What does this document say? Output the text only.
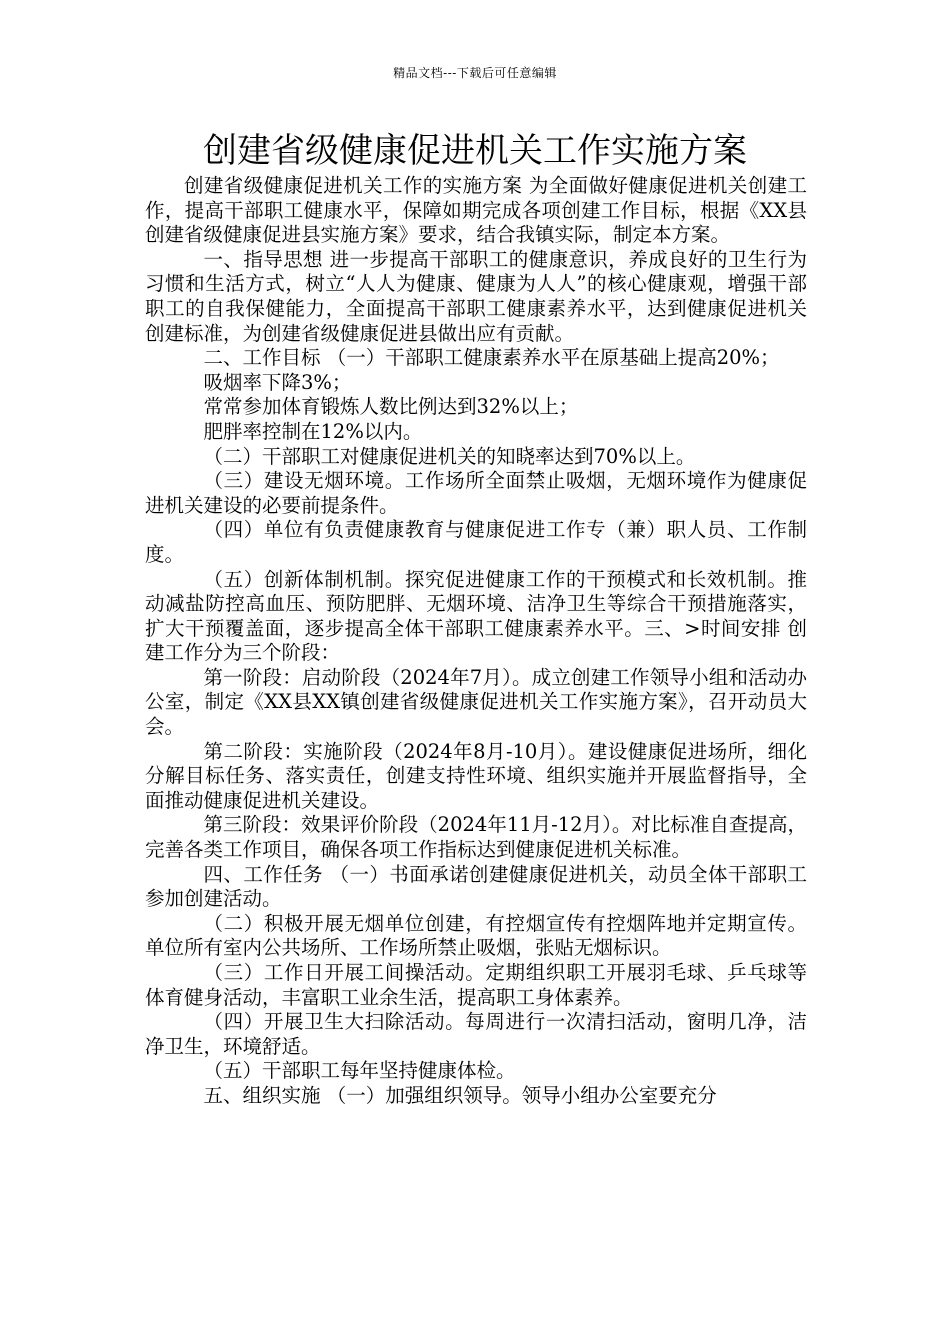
精品文档---下载后可任意编辑
创建省级健康促进机关工作实施方案

创建省级健康促进机关工作的实施方案 为全面做好健康促进机关创建工作，提高干部职工健康水平，保障如期完成各项创建工作目标，根据《XX县创建省级健康促进县实施方案》要求，结合我镇实际，制定本方案。

一、指导思想 进一步提高干部职工的健康意识，养成良好的卫生行为习惯和生活方式，树立“人人为健康、健康为人人”的核心健康观，增强干部职工的自我保健能力，全面提高干部职工健康素养水平，达到健康促进机关创建标准，为创建省级健康促进县做出应有贡献。

二、工作目标 （一）干部职工健康素养水平在原基础上提高20%；

吸烟率下降3%；

常常参加体育锻炼人数比例达到32%以上；

肥胖率控制在12%以内。

（二）干部职工对健康促进机关的知晓率达到70%以上。

（三）建设无烟环境。工作场所全面禁止吸烟，无烟环境作为健康促进机关建设的必要前提条件。

（四）单位有负责健康教育与健康促进工作专（兼）职人员、工作制度。

（五）创新体制机制。探究促进健康工作的干预模式和长效机制。推动减盐防控高血压、预防肥胖、无烟环境、洁净卫生等综合干预措施落实，扩大干预覆盖面，逐步提高全体干部职工健康素养水平。三、>时间安排 创建工作分为三个阶段：

第一阶段：启动阶段（2024年7月）。成立创建工作领导小组和活动办公室，制定《XX县XX镇创建省级健康促进机关工作实施方案》，召开动员大会。

第二阶段：实施阶段（2024年8月-10月）。建设健康促进场所，细化分解目标任务、落实责任，创建支持性环境、组织实施并开展监督指导，全面推动健康促进机关建设。

第三阶段：效果评价阶段（2024年11月-12月）。对比标准自查提高，完善各类工作项目，确保各项工作指标达到健康促进机关标准。

四、工作任务 （一）书面承诺创建健康促进机关，动员全体干部职工参加创建活动。

（二）积极开展无烟单位创建，有控烟宣传有控烟阵地并定期宣传。单位所有室内公共场所、工作场所禁止吸烟，张贴无烟标识。

（三）工作日开展工间操活动。定期组织职工开展羽毛球、乒乓球等体育健身活动，丰富职工业余生活，提高职工身体素养。

（四）开展卫生大扫除活动。每周进行一次清扫活动，窗明几净，洁净卫生，环境舒适。

（五）干部职工每年坚持健康体检。

五、组织实施 （一）加强组织领导。领导小组办公室要充分
